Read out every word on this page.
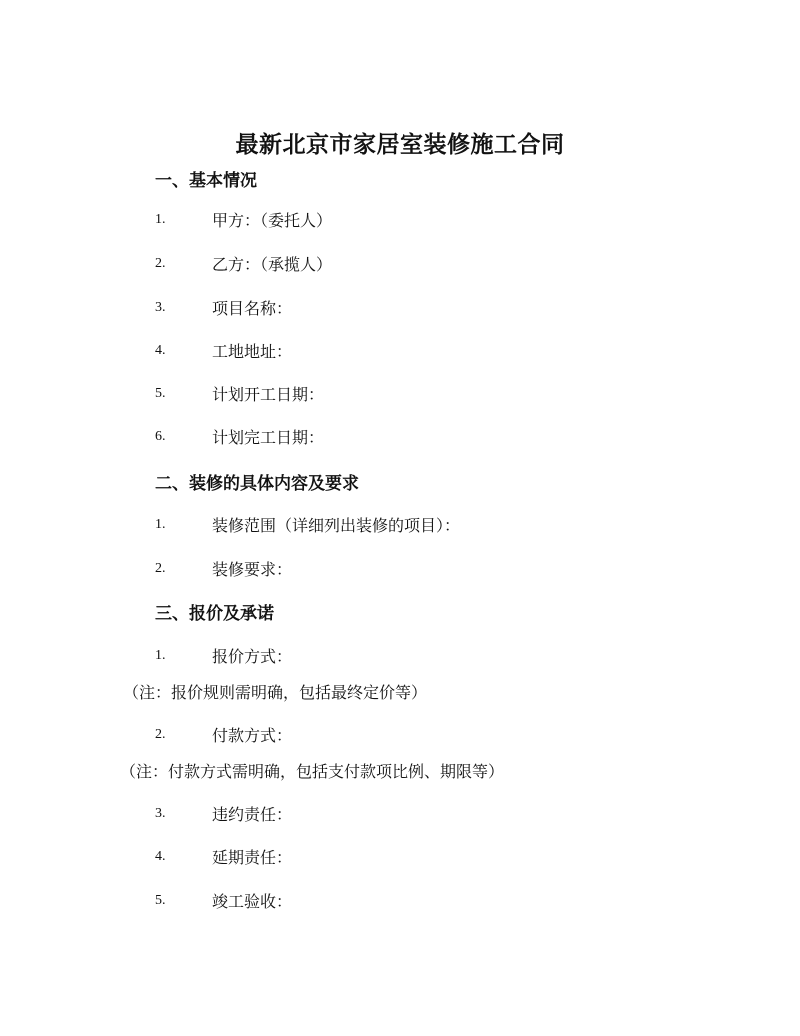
最新北京市家居室装修施工合同
一、基本情况
1.	甲方：（委托人）
2.	乙方：（承揽人）
3.	项目名称：
4.	工地地址：
5.	计划开工日期：
6.	计划完工日期：
二、装修的具体内容及要求
1.	装修范围（详细列出装修的项目）：
2.	装修要求：
三、报价及承诺
1.	报价方式：
（注：报价规则需明确，包括最终定价等）
2.	付款方式：
（注：付款方式需明确，包括支付款项比例、期限等）
3.	违约责任：
4.	延期责任：
5.	竣工验收：
